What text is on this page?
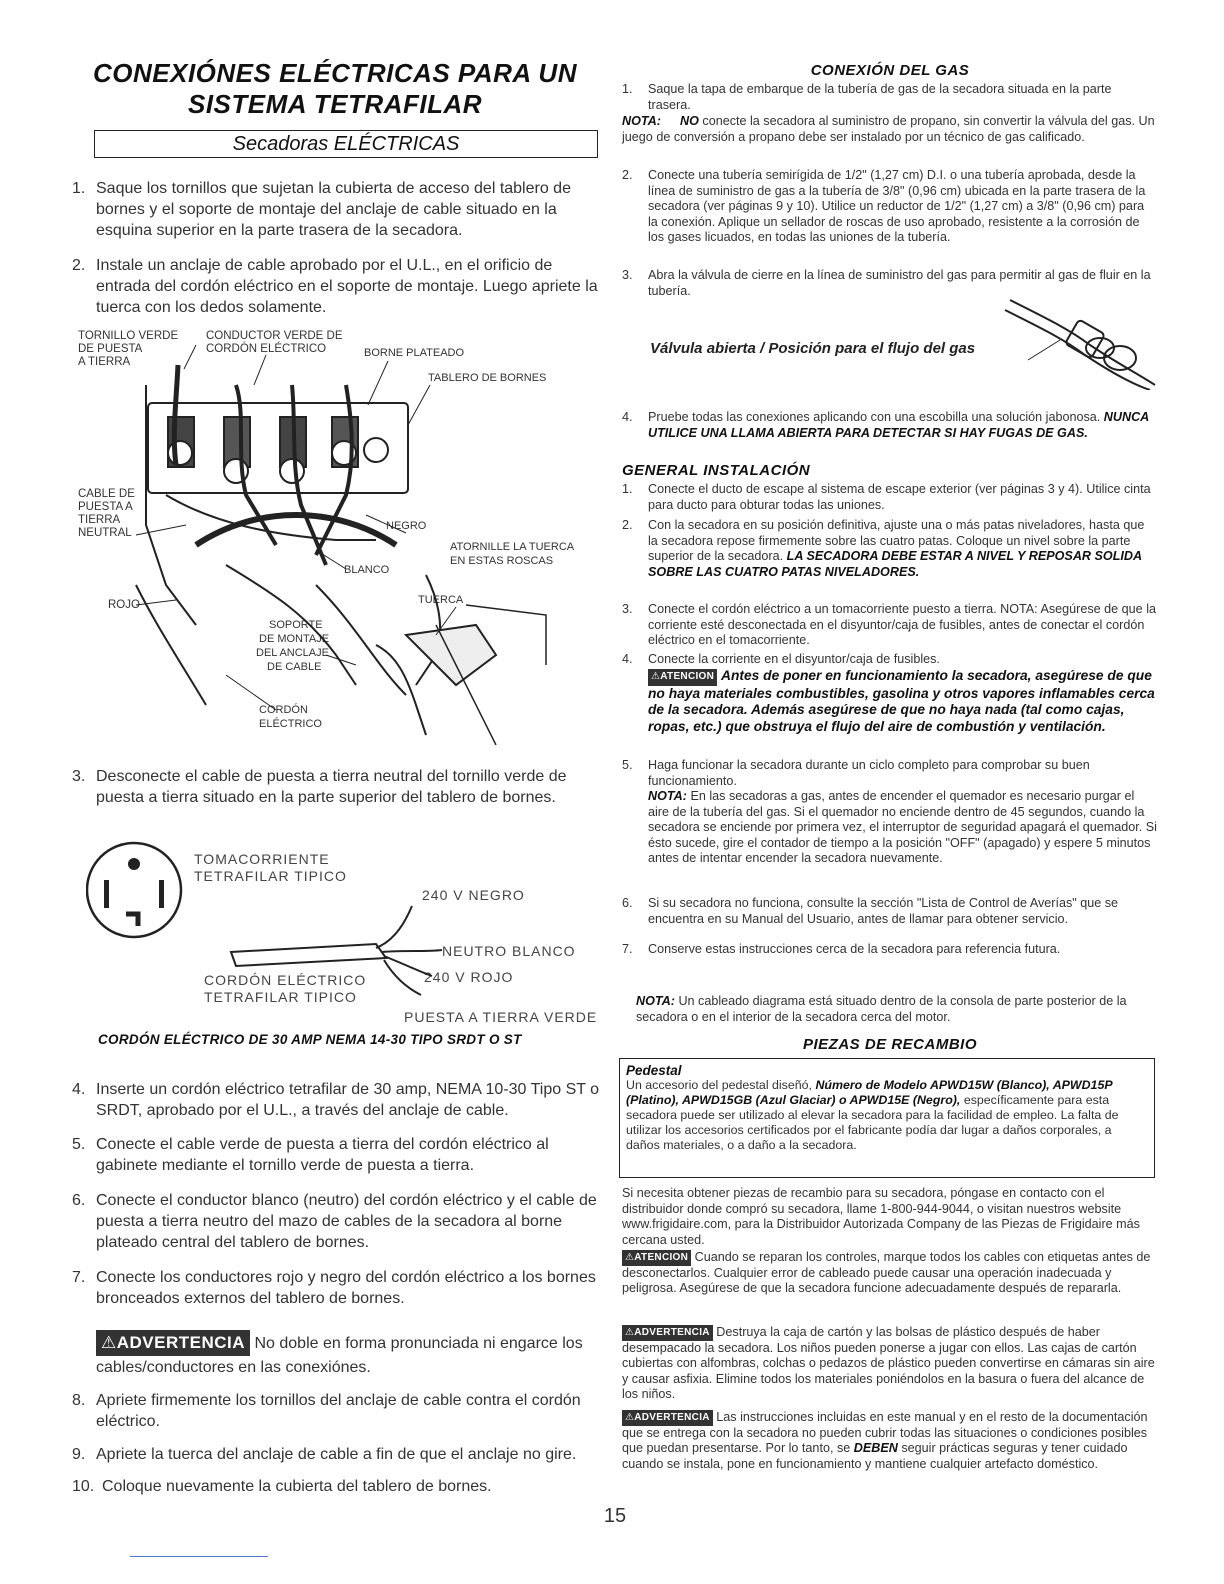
CONEXIÓNES ELÉCTRICAS PARA UN SISTEMA TETRAFILAR
Secadoras ELÉCTRICAS
1. Saque los tornillos que sujetan la cubierta de acceso del tablero de bornes y el soporte de montaje del anclaje de cable situado en la esquina superior en la parte trasera de la secadora.
2. Instale un anclaje de cable aprobado por el U.L., en el orificio de entrada del cordón eléctrico en el soporte de montaje. Luego apriete la tuerca con los dedos solamente.
TORNILLO VERDE
DE PUESTA
A TIERRA
CONDUCTOR VERDE DE
CORDÓN ELÉCTRICO	BORNE PLATEADO
TABLERO DE BORNES
CABLE DE
PUESTA A
TIERRA
NEUTRAL
NEGRO
ATORNILLE LA TUERCA
EN ESTAS ROSCAS
BLANCO
ROJO	TUERCA
SOPORTE
DE MONTAJE
DEL ANCLAJE
DE CABLE
CORDÓN
ELÉCTRICO
3. Desconecte el cable de puesta a tierra neutral del tornillo verde de puesta a tierra situado en la parte superior del tablero de bornes.
TOMACORRIENTE
TETRAFILAR TIPICO
240 V NEGRO
NEUTRO BLANCO
240 V ROJO
CORDÓN ELÉCTRICO
TETRAFILAR TIPICO
PUESTA A TIERRA VERDE
CORDÓN ELÉCTRICO DE 30 AMP NEMA 14-30 TIPO SRDT O ST
4. Inserte un cordón eléctrico tetrafilar de 30 amp, NEMA 10-30 Tipo ST o SRDT, aprobado por el U.L., a través del anclaje de cable.
5. Conecte el cable verde de puesta a tierra del cordón eléctrico al gabinete mediante el tornillo verde de puesta a tierra.
6. Conecte el conductor blanco (neutro) del cordón eléctrico y el cable de puesta a tierra neutro del mazo de cables de la secadora al borne plateado central del tablero de bornes.
7. Conecte los conductores rojo y negro del cordón eléctrico a los bornes bronceados externos del tablero de bornes.
⚠ADVERTENCIA No doble en forma pronunciada ni engarce los cables/conductores en las conexiónes.
8. Apriete firmemente los tornillos del anclaje de cable contra el cordón eléctrico.
9. Apriete la tuerca del anclaje de cable a fin de que el anclaje no gire.
10. Coloque nuevamente la cubierta del tablero de bornes.
CONEXIÓN DEL GAS
1. Saque la tapa de embarque de la tubería de gas de la secadora situada en la parte trasera.
NOTA: NO conecte la secadora al suministro de propano, sin convertir la válvula del gas. Un juego de conversión a propano debe ser instalado por un técnico de gas calificado.
2. Conecte una tubería semirígida de 1/2" (1,27 cm) D.I. o una tubería aprobada, desde la línea de suministro de gas a la tubería de 3/8" (0,96 cm) ubicada en la parte trasera de la secadora (ver páginas 9 y 10). Utilice un reductor de 1/2" (1,27 cm) a 3/8" (0,96 cm) para la conexión. Aplique un sellador de roscas de uso aprobado, resistente a la corrosión de los gases licuados, en todas las uniones de la tubería.
3. Abra la válvula de cierre en la línea de suministro del gas para permitir al gas de fluir en la tubería.
Válvula abierta / Posición para el flujo del gas
4. Pruebe todas las conexiones aplicando con una escobilla una solución jabonosa. NUNCA UTILICE UNA LLAMA ABIERTA PARA DETECTAR SI HAY FUGAS DE GAS.
GENERAL INSTALACIÓN
1. Conecte el ducto de escape al sistema de escape exterior (ver páginas 3 y 4). Utilice cinta para ducto para obturar todas las uniones.
2. Con la secadora en su posición definitiva, ajuste una o más patas niveladores, hasta que la secadora repose firmemente sobre las cuatro patas. Coloque un nivel sobre la parte superior de la secadora. LA SECADORA DEBE ESTAR A NIVEL Y REPOSAR SOLIDA SOBRE LAS CUATRO PATAS NIVELADORES.
3. Conecte el cordón eléctrico a un tomacorriente puesto a tierra. NOTA: Asegúrese de que la corriente esté desconectada en el disyuntor/caja de fusibles, antes de conectar el cordón eléctrico en el tomacorriente.
4. Conecte la corriente en el disyuntor/caja de fusibles.
⚠ATENCION Antes de poner en funcionamiento la secadora, asegúrese de que no haya materiales combustibles, gasolina y otros vapores inflamables cerca de la secadora. Además asegúrese de que no haya nada (tal como cajas, ropas, etc.) que obstruya el flujo del aire de combustión y ventilación.
5. Haga funcionar la secadora durante un ciclo completo para comprobar su buen funcionamiento.
NOTA: En las secadoras a gas, antes de encender el quemador es necesario purgar el aire de la tubería del gas. Si el quemador no enciende dentro de 45 segundos, cuando la secadora se enciende por primera vez, el interruptor de seguridad apagará el quemador. Si ésto sucede, gire el contador de tiempo a la posición "OFF" (apagado) y espere 5 minutos antes de intentar encender la secadora nuevamente.
6. Si su secadora no funciona, consulte la sección "Lista de Control de Averías" que se encuentra en su Manual del Usuario, antes de llamar para obtener servicio.
7. Conserve estas instrucciones cerca de la secadora para referencia futura.
NOTA: Un cableado diagrama está situado dentro de la consola de parte posterior de la secadora o en el interior de la secadora cerca del motor.
PIEZAS DE RECAMBIO
Pedestal
Un accesorio del pedestal diseñó, Número de Modelo APWD15W (Blanco), APWD15P (Platino), APWD15GB (Azul Glaciar) o APWD15E (Negro), específicamente para esta secadora puede ser utilizado al elevar la secadora para la facilidad de empleo. La falta de utilizar los accesorios certificados por el fabricante podía dar lugar a daños corporales, a daños materiales, o a daño a la secadora.
Si necesita obtener piezas de recambio para su secadora, póngase en contacto con el distribuidor donde compró su secadora, llame 1-800-944-9044, o visitan nuestros website www.frigidaire.com, para la Distribuidor Autorizada Company de las Piezas de Frigidaire más cercana usted.
⚠ATENCION Cuando se reparan los controles, marque todos los cables con etiquetas antes de desconectarlos. Cualquier error de cableado puede causar una operación inadecuada y peligrosa. Asegúrese de que la secadora funcione adecuadamente después de repararla.
⚠ADVERTENCIA Destruya la caja de cartón y las bolsas de plástico después de haber desempacado la secadora. Los niños pueden ponerse a jugar con ellos. Las cajas de cartón cubiertas con alfombras, colchas o pedazos de plástico pueden convertirse en cámaras sin aire y causar asfixia. Elimine todos los materiales poniéndolos en la basura o fuera del alcance de los niños.
⚠ADVERTENCIA Las instrucciones incluidas en este manual y en el resto de la documentación que se entrega con la secadora no pueden cubrir todas las situaciones o condiciones posibles que puedan presentarse. Por lo tanto, se DEBEN seguir prácticas seguras y tener cuidado cuando se instala, pone en funcionamiento y mantiene cualquier artefacto doméstico.
15
